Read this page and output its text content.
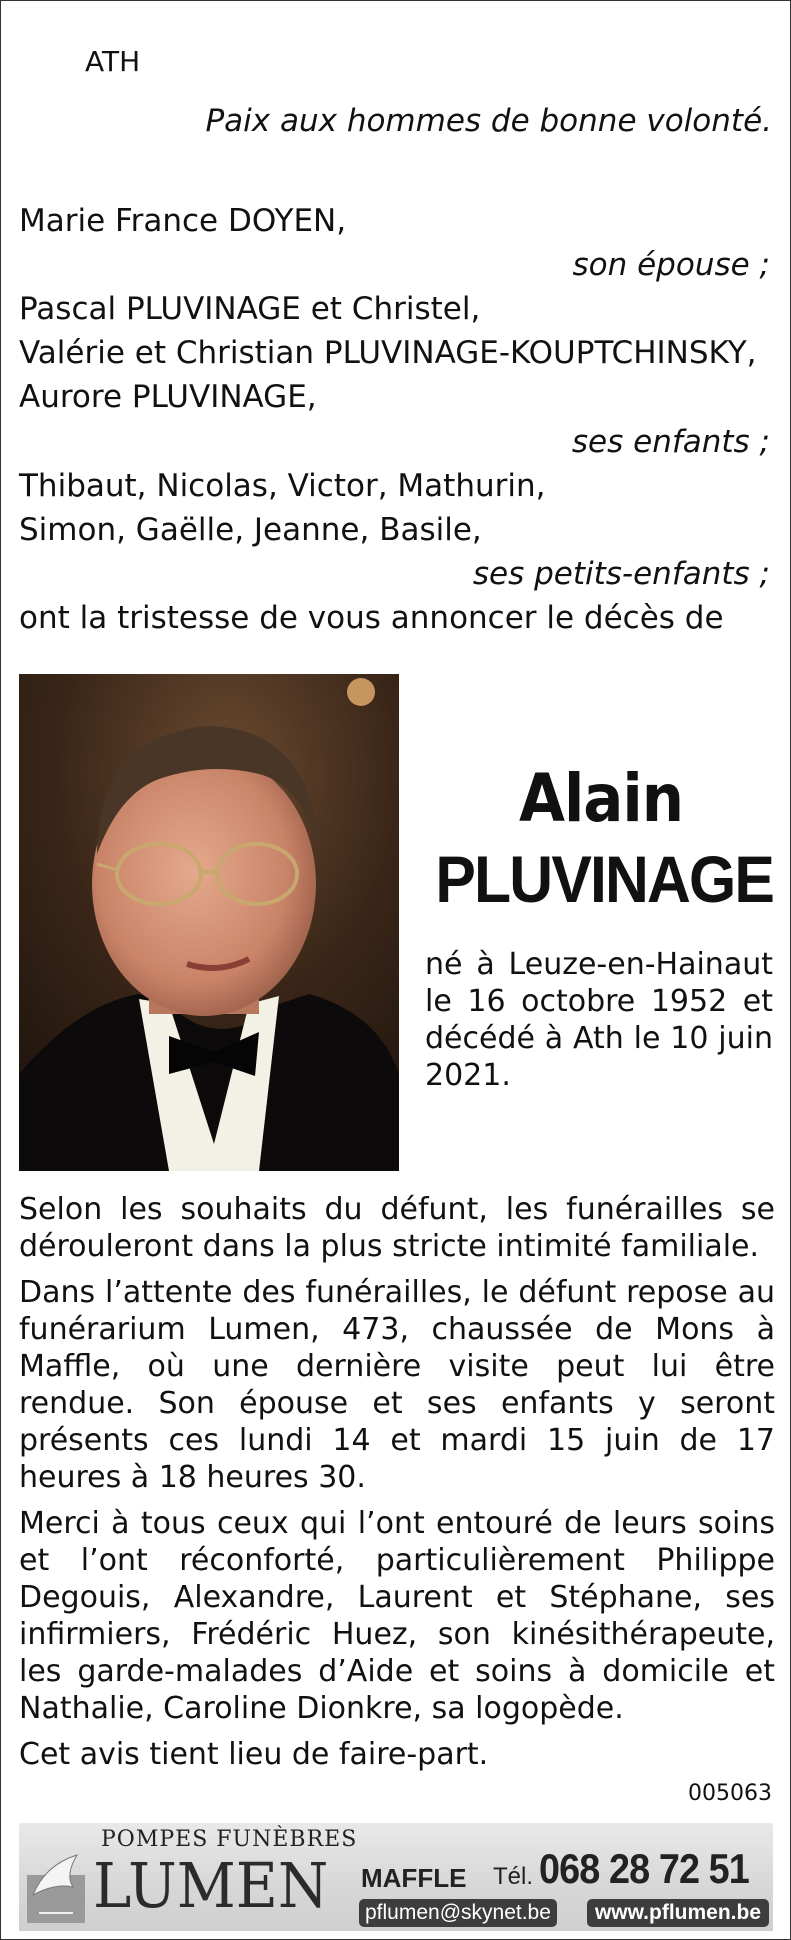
ATH
Paix aux hommes de bonne volonté.
Marie France DOYEN,
son épouse ;
Pascal PLUVINAGE et Christel,
Valérie et Christian PLUVINAGE-KOUPTCHINSKY,
Aurore PLUVINAGE,
ses enfants ;
Thibaut, Nicolas, Victor, Mathurin,
Simon, Gaëlle, Jeanne, Basile,
ses petits-enfants ;
ont la tristesse de vous annoncer le décès de
Alain
PLUVINAGE
né à Leuze-en-Hainaut le 16 octobre 1952 et décédé à Ath le 10 juin 2021.

Selon les souhaits du défunt, les funérailles se dérouleront dans la plus stricte intimité familiale.

Dans l’attente des funérailles, le défunt repose au funérarium Lumen, 473, chaussée de Mons à Maffle, où une dernière visite peut lui être rendue. Son épouse et ses enfants y seront présents ces lundi 14 et mardi 15 juin de 17 heures à 18 heures 30.

Merci à tous ceux qui l’ont entouré de leurs soins et l’ont réconforté, particulièrement Philippe Degouis, Alexandre, Laurent et Stéphane, ses infirmiers, Frédéric Huez, son kinésithérapeute, les garde-malades d’Aide et soins à domicile et Nathalie, Caroline Dionkre, sa logopède.

Cet avis tient lieu de faire-part.

005063
POMPES FUNÈBRES
LUMEN MAFFLE Tél. 068 28 72 51
pflumen@skynet.be	www.pflumen.be
